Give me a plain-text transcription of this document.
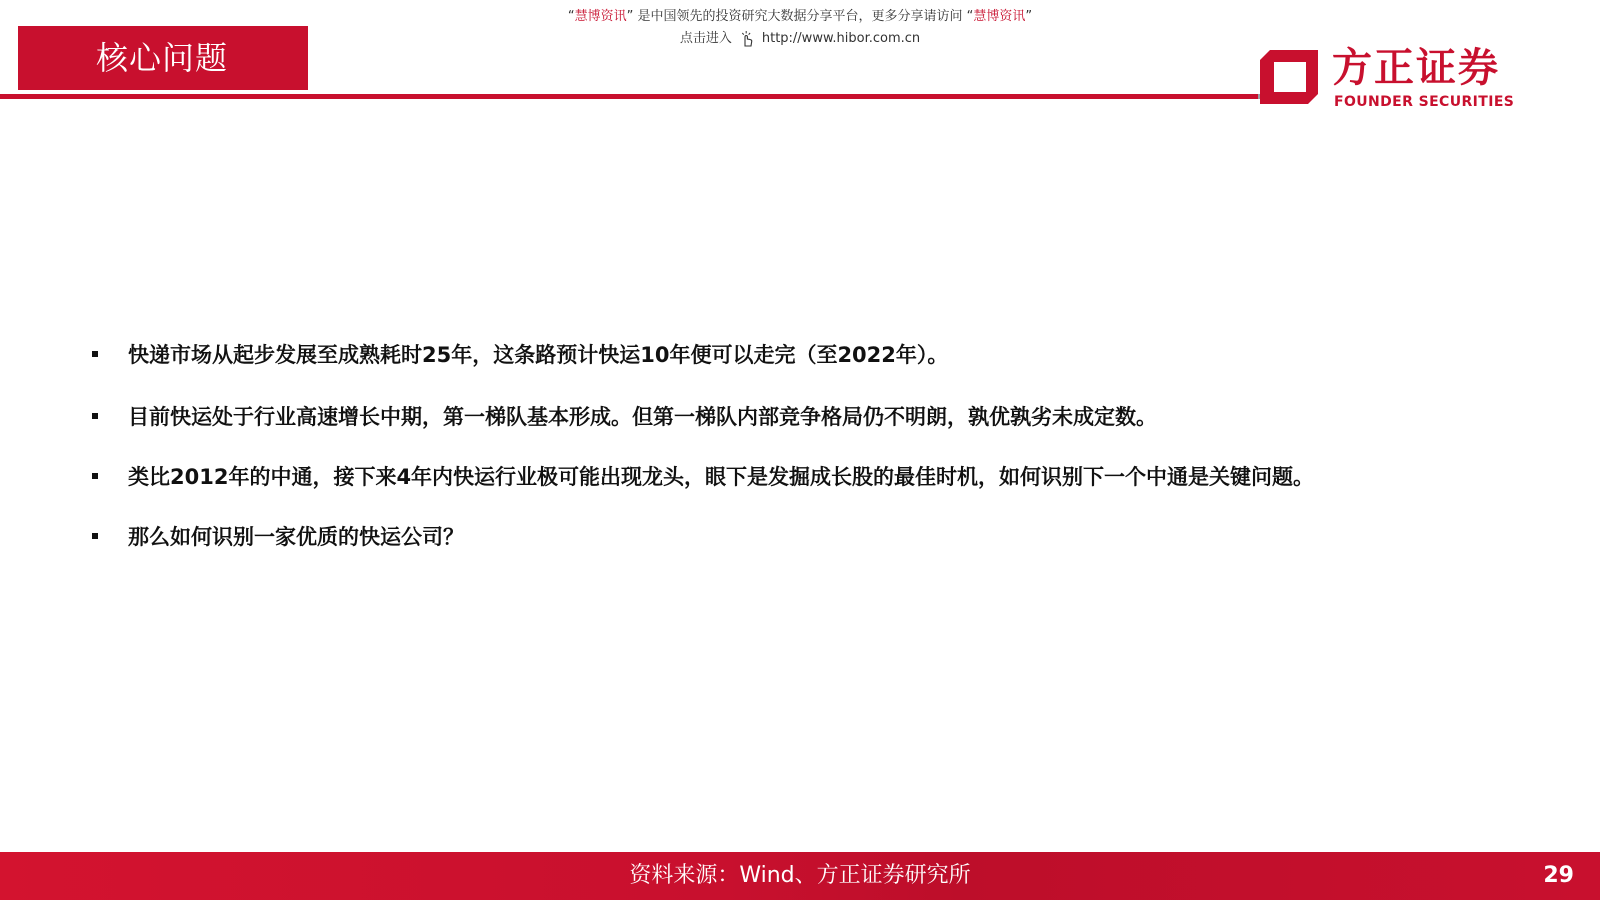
“慧博资讯” 是中国领先的投资研究大数据分享平台，更多分享请访问 “慧博资讯”
点击进入 http://www.hibor.com.cn
核心问题	方正证券
FOUNDER SECURITIES
快递市场从起步发展至成熟耗时25年，这条路预计快运10年便可以走完（至2022年）。
目前快运处于行业高速增长中期，第一梯队基本形成。但第一梯队内部竞争格局仍不明朗，孰优孰劣未成定数。
类比2012年的中通，接下来4年内快运行业极可能出现龙头，眼下是发掘成长股的最佳时机，如何识别下一个中通是关键问题。
那么如何识别一家优质的快运公司？
资料来源：Wind、方正证券研究所	29
